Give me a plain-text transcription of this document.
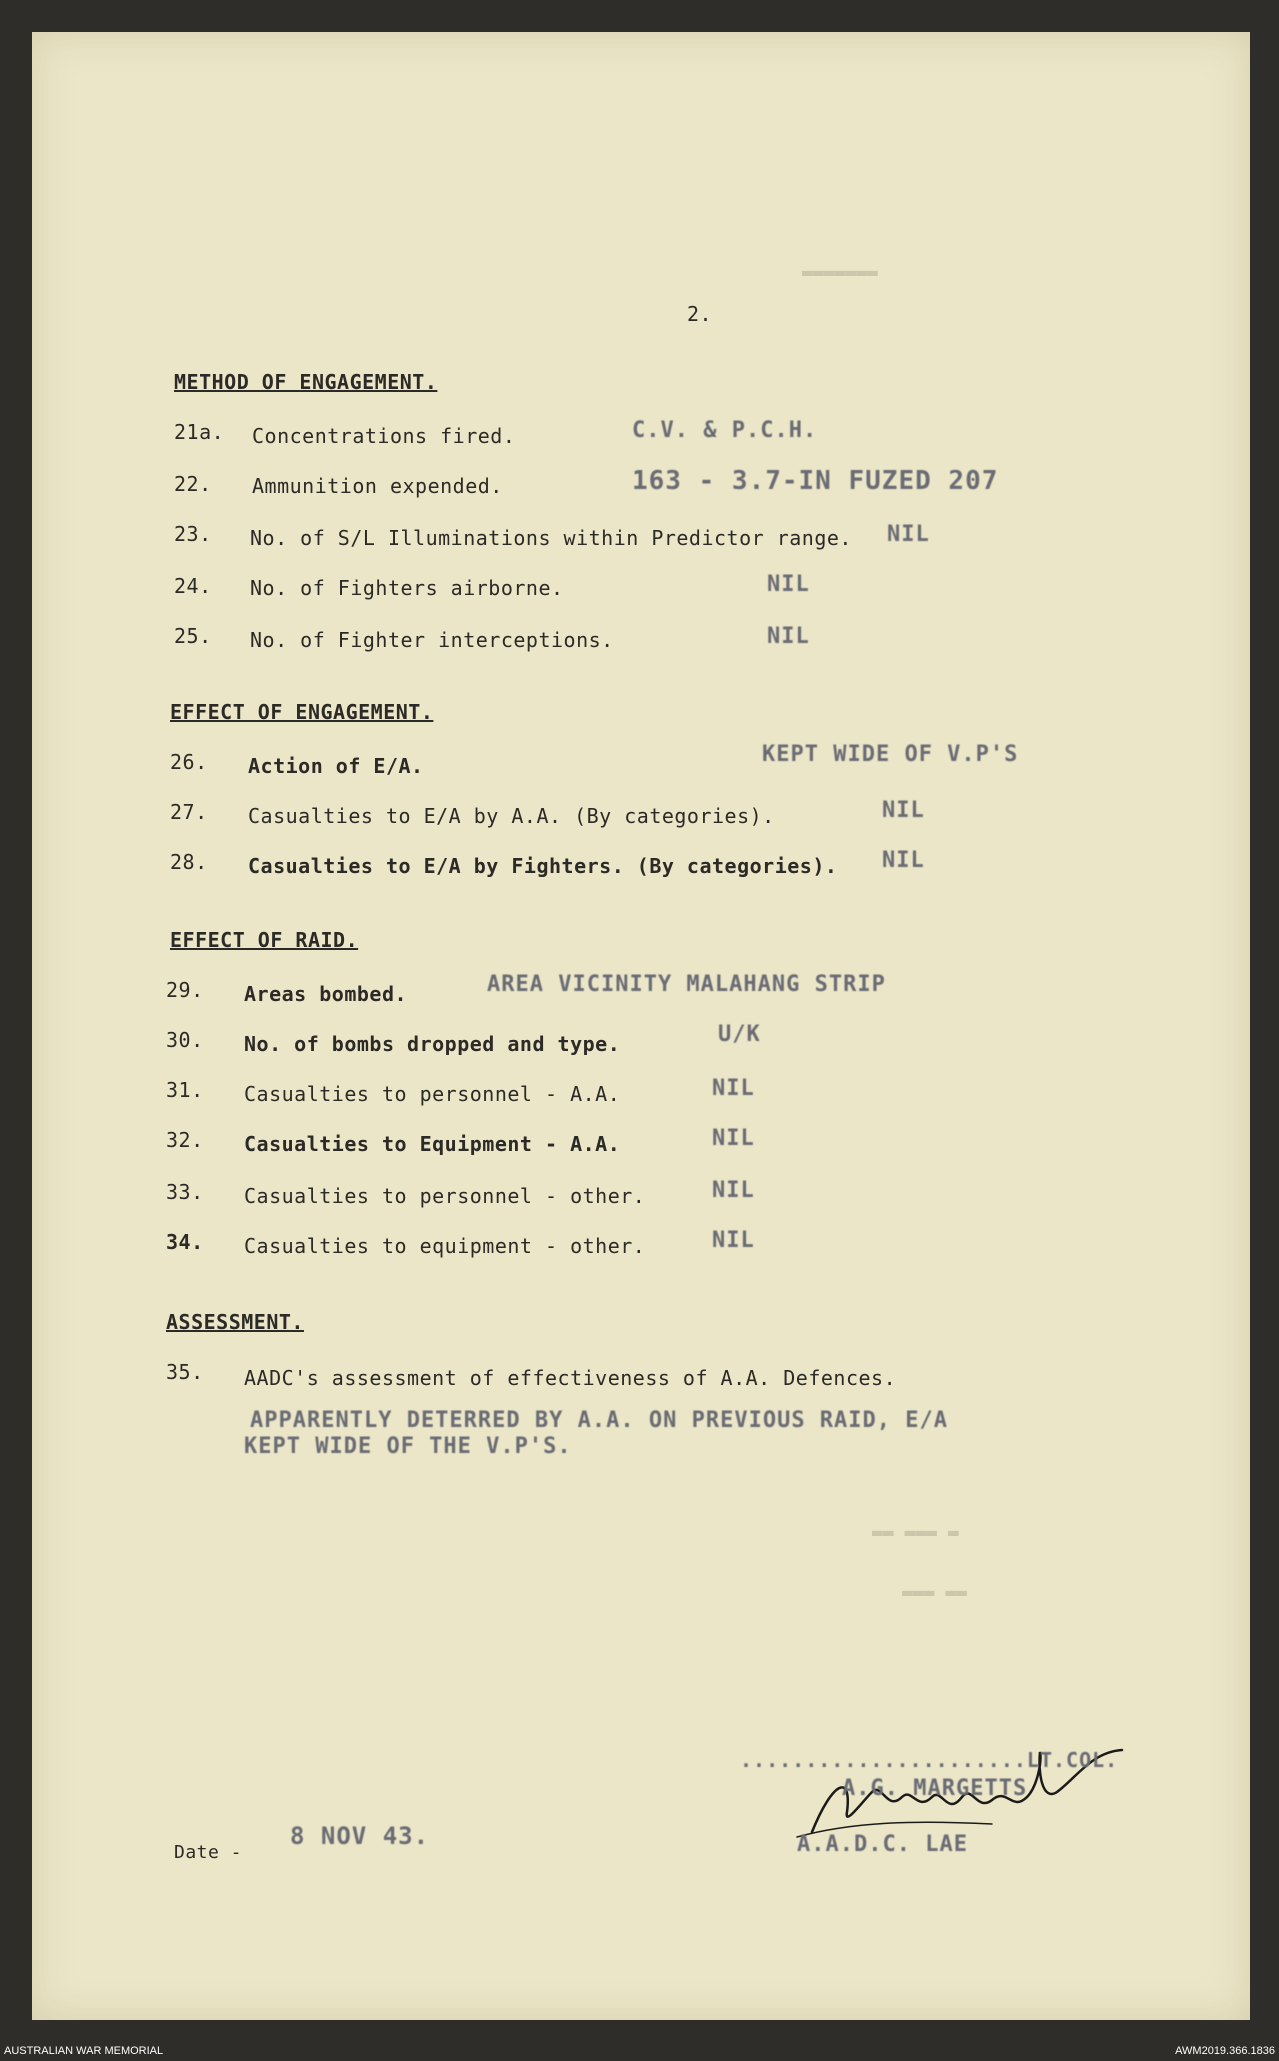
▬▬▬▬▬▬▬
▬▬ ▬▬▬ ▬
▬▬▬ ▬▬
2.
METHOD OF ENGAGEMENT.
21a. Concentrations fired.	C.V. & P.C.H.
22. Ammunition expended.	163 - 3.7-IN FUZED 207
23. No. of S/L Illuminations within Predictor range. NIL
24. No. of Fighters airborne.	NIL
25. No. of Fighter interceptions.	NIL
EFFECT OF ENGAGEMENT.
26. Action of E/A.	KEPT WIDE OF V.P'S
27. Casualties to E/A by A.A. (By categories).	NIL
28. Casualties to E/A by Fighters. (By categories). NIL
EFFECT OF RAID.
29. Areas bombed.	AREA VICINITY MALAHANG STRIP
30. No. of bombs dropped and type.	U/K
31. Casualties to personnel - A.A.	NIL
32. Casualties to Equipment - A.A.	NIL
33. Casualties to personnel - other.	NIL
34. Casualties to equipment - other.	NIL
ASSESSMENT.
35. AADC's assessment of effectiveness of A.A. Defences.
APPARENTLY DETERRED BY A.A. ON PREVIOUS RAID, E/A
KEPT WIDE OF THE V.P'S.
Date -
8 NOV 43.
......................LT.COL.
A.G. MARGETTS
A.A.D.C. LAE
AUSTRALIAN WAR MEMORIAL	AWM2019.366.1836
